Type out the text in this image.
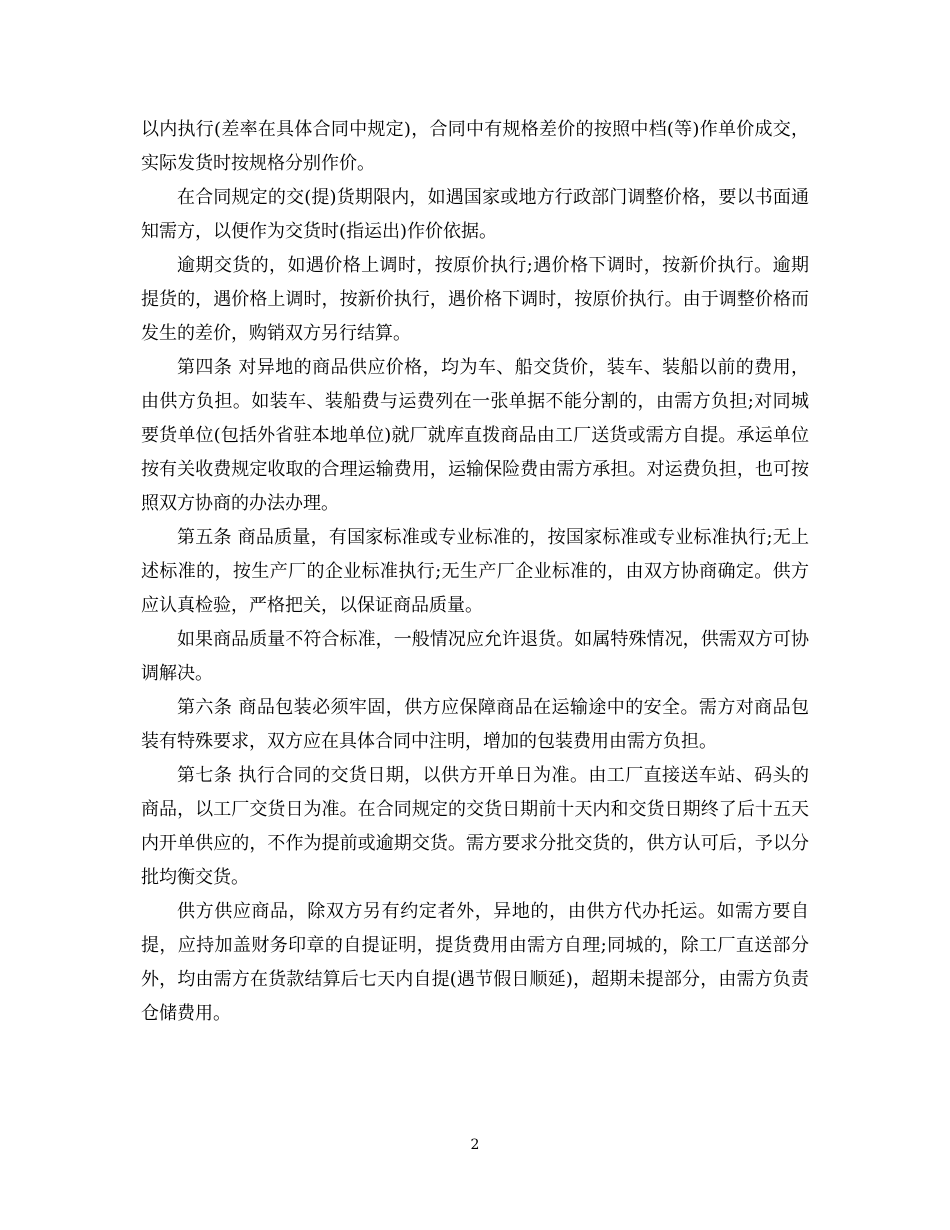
以内执行(差率在具体合同中规定)，合同中有规格差价的按照中档(等)作单价成交，实际发货时按规格分别作价。

在合同规定的交(提)货期限内，如遇国家或地方行政部门调整价格，要以书面通知需方，以便作为交货时(指运出)作价依据。

逾期交货的，如遇价格上调时，按原价执行;遇价格下调时，按新价执行。逾期提货的，遇价格上调时，按新价执行，遇价格下调时，按原价执行。由于调整价格而发生的差价，购销双方另行结算。

第四条 对异地的商品供应价格，均为车、船交货价，装车、装船以前的费用，由供方负担。如装车、装船费与运费列在一张单据不能分割的，由需方负担;对同城要货单位(包括外省驻本地单位)就厂就库直拨商品由工厂送货或需方自提。承运单位按有关收费规定收取的合理运输费用，运输保险费由需方承担。对运费负担，也可按照双方协商的办法办理。

第五条 商品质量，有国家标准或专业标准的，按国家标准或专业标准执行;无上述标准的，按生产厂的企业标准执行;无生产厂企业标准的，由双方协商确定。供方应认真检验，严格把关，以保证商品质量。

如果商品质量不符合标准，一般情况应允许退货。如属特殊情况，供需双方可协调解决。

第六条 商品包装必须牢固，供方应保障商品在运输途中的安全。需方对商品包装有特殊要求，双方应在具体合同中注明，增加的包装费用由需方负担。

第七条 执行合同的交货日期，以供方开单日为准。由工厂直接送车站、码头的商品，以工厂交货日为准。在合同规定的交货日期前十天内和交货日期终了后十五天内开单供应的，不作为提前或逾期交货。需方要求分批交货的，供方认可后，予以分批均衡交货。

供方供应商品，除双方另有约定者外，异地的，由供方代办托运。如需方要自提，应持加盖财务印章的自提证明，提货费用由需方自理;同城的，除工厂直送部分外，均由需方在货款结算后七天内自提(遇节假日顺延)，超期未提部分，由需方负责仓储费用。

2
